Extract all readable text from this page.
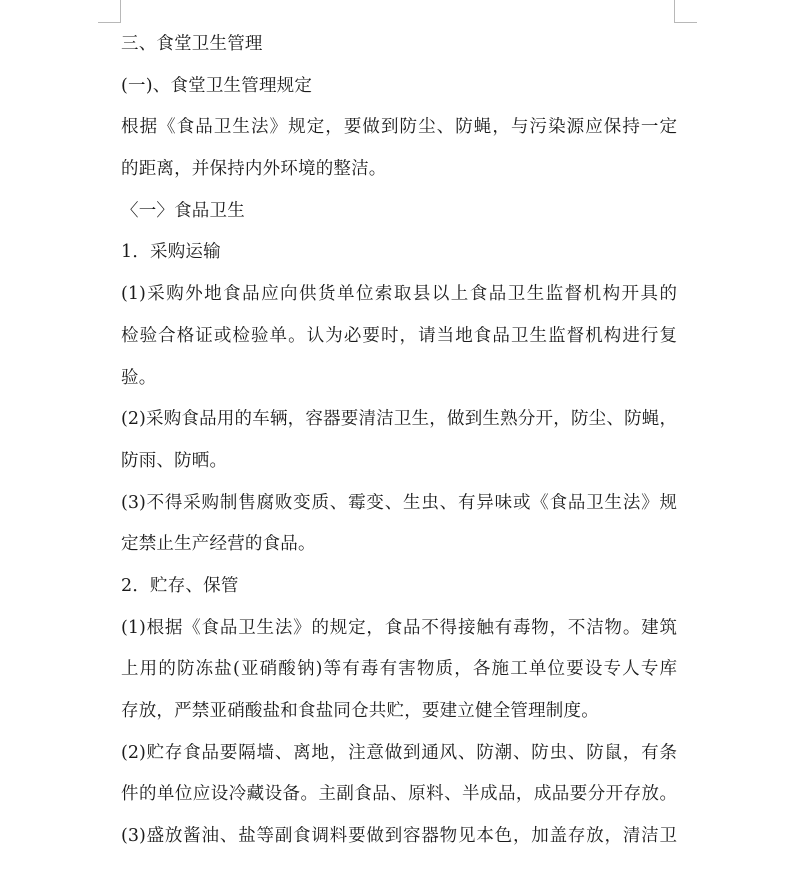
三、食堂卫生管理
(一)、食堂卫生管理规定
根据《食品卫生法》规定，要做到防尘、防蝇，与污染源应保持一定
的距离，并保持内外环境的整洁。
〈一〉食品卫生
1．采购运输
(1)采购外地食品应向供货单位索取县以上食品卫生监督机构开具的
检验合格证或检验单。认为必要时，请当地食品卫生监督机构进行复
验。
(2)采购食品用的车辆，容器要清洁卫生，做到生熟分开，防尘、防蝇，
防雨、防晒。
(3)不得采购制售腐败变质、霉变、生虫、有异味或《食品卫生法》规
定禁止生产经营的食品。
2．贮存、保管
(1)根据《食品卫生法》的规定，食品不得接触有毒物，不洁物。建筑
上用的防冻盐(亚硝酸钠)等有毒有害物质，各施工单位要设专人专库
存放，严禁亚硝酸盐和食盐同仓共贮，要建立健全管理制度。
(2)贮存食品要隔墙、离地，注意做到通风、防潮、防虫、防鼠，有条
件的单位应设冷藏设备。主副食品、原料、半成品，成品要分开存放。
(3)盛放酱油、盐等副食调料要做到容器物见本色，加盖存放，清洁卫
